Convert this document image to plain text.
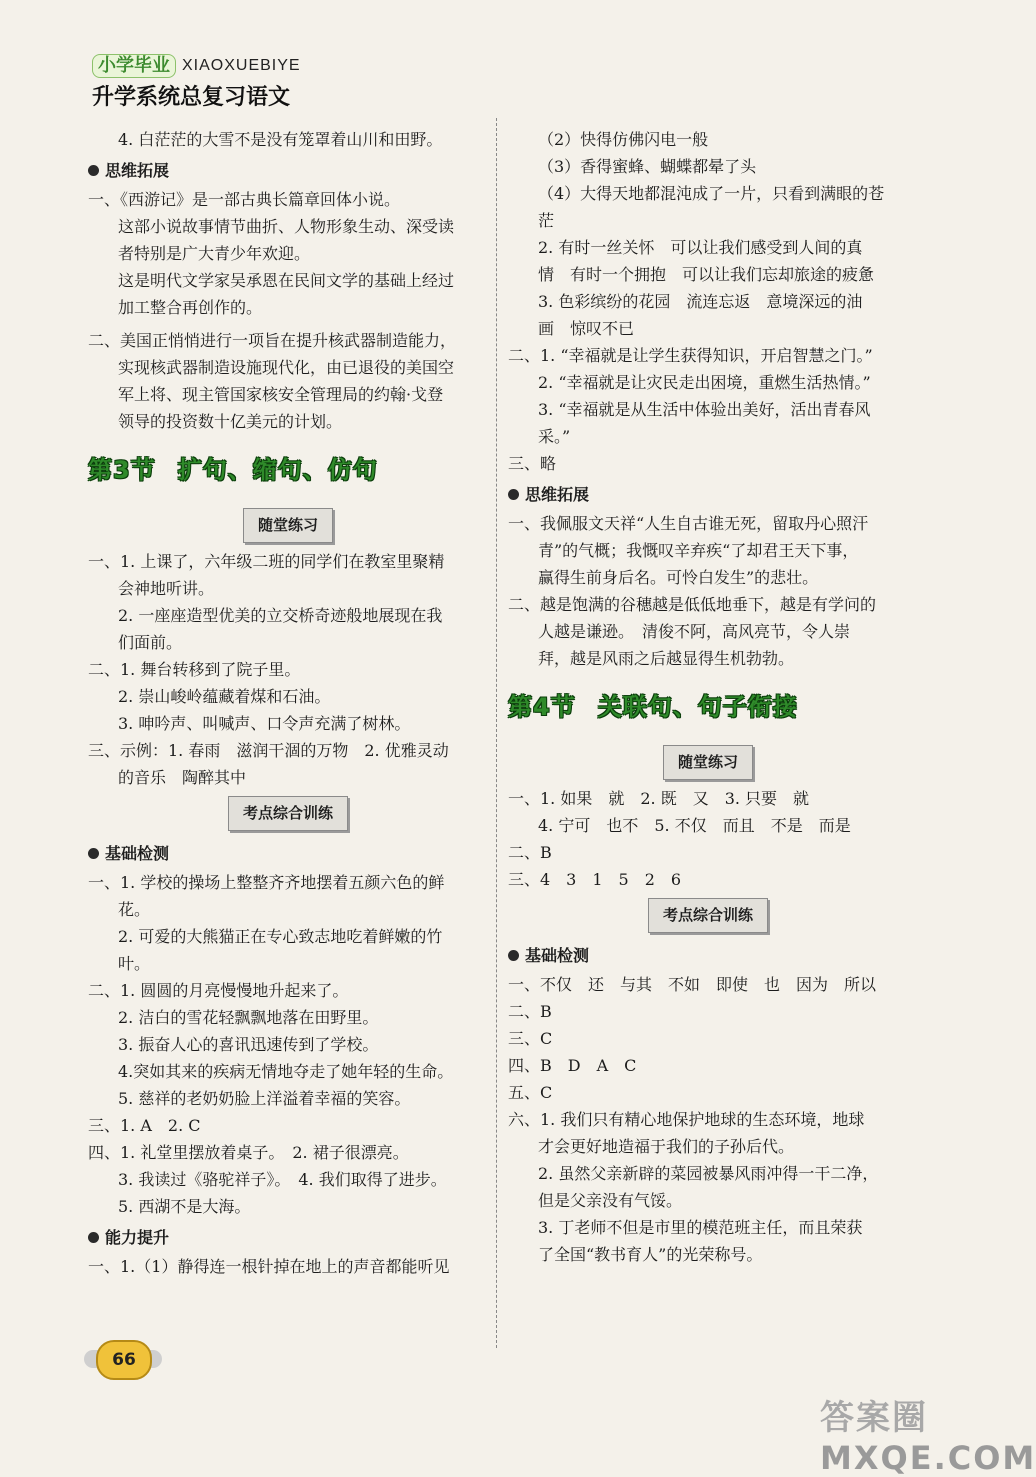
小学毕业 XIAOXUEBIYE
升学系统总复习语文
4. 白茫茫的大雪不是没有笼罩着山川和田野。
思维拓展
一、《西游记》是一部古典长篇章回体小说。
这部小说故事情节曲折、人物形象生动、深受读
者特别是广大青少年欢迎。
这是明代文学家吴承恩在民间文学的基础上经过
加工整合再创作的。
二、美国正悄悄进行一项旨在提升核武器制造能力，
实现核武器制造设施现代化，由已退役的美国空
军上将、现主管国家核安全管理局的约翰·戈登
领导的投资数十亿美元的计划。
第3节 扩句、缩句、仿句
随堂练习
一、1. 上课了，六年级二班的同学们在教室里聚精
会神地听讲。
2. 一座座造型优美的立交桥奇迹般地展现在我
们面前。
二、1. 舞台转移到了院子里。
2. 崇山峻岭蕴藏着煤和石油。
3. 呻吟声、叫喊声、口令声充满了树林。
三、示例：1. 春雨　滋润干涸的万物　2. 优雅灵动
的音乐　陶醉其中
考点综合训练
基础检测
一、1. 学校的操场上整整齐齐地摆着五颜六色的鲜
花。
2. 可爱的大熊猫正在专心致志地吃着鲜嫩的竹
叶。
二、1. 圆圆的月亮慢慢地升起来了。
2. 洁白的雪花轻飘飘地落在田野里。
3. 振奋人心的喜讯迅速传到了学校。
4.突如其来的疾病无情地夺走了她年轻的生命。
5. 慈祥的老奶奶脸上洋溢着幸福的笑容。
三、1. A　2. C
四、1. 礼堂里摆放着桌子。　2. 裙子很漂亮。
3. 我读过《骆驼祥子》。　4. 我们取得了进步。
5. 西湖不是大海。
能力提升
一、1.（1）静得连一根针掉在地上的声音都能听见
（2）快得仿佛闪电一般
（3）香得蜜蜂、蝴蝶都晕了头
（4）大得天地都混沌成了一片，只看到满眼的苍
茫
2. 有时一丝关怀　可以让我们感受到人间的真
情　有时一个拥抱　可以让我们忘却旅途的疲惫
3. 色彩缤纷的花园　流连忘返　意境深远的油
画　惊叹不已
二、1. “幸福就是让学生获得知识，开启智慧之门。”
2. “幸福就是让灾民走出困境，重燃生活热情。”
3. “幸福就是从生活中体验出美好，活出青春风
采。”
三、略
思维拓展
一、我佩服文天祥“人生自古谁无死，留取丹心照汗
青”的气概；我慨叹辛弃疾“了却君王天下事，
赢得生前身后名。可怜白发生”的悲壮。
二、越是饱满的谷穗越是低低地垂下，越是有学问的
人越是谦逊。　清俊不阿，高风亮节，令人崇
拜，越是风雨之后越显得生机勃勃。
第4节 关联句、句子衔接
随堂练习
一、1. 如果　就　2. 既　又　3. 只要　就
4. 宁可　也不　5. 不仅　而且　不是　而是
二、B
三、4　3　1　5　2　6
考点综合训练
基础检测
一、不仅　还　与其　不如　即使　也　因为　所以
二、B
三、C
四、B　D　A　C
五、C
六、1. 我们只有精心地保护地球的生态环境，地球
才会更好地造福于我们的子孙后代。
2. 虽然父亲新辟的菜园被暴风雨冲得一干二净，
但是父亲没有气馁。
3. 丁老师不但是市里的模范班主任，而且荣获
了全国“教书育人”的光荣称号。
66
答案圈
MXQE.COM
